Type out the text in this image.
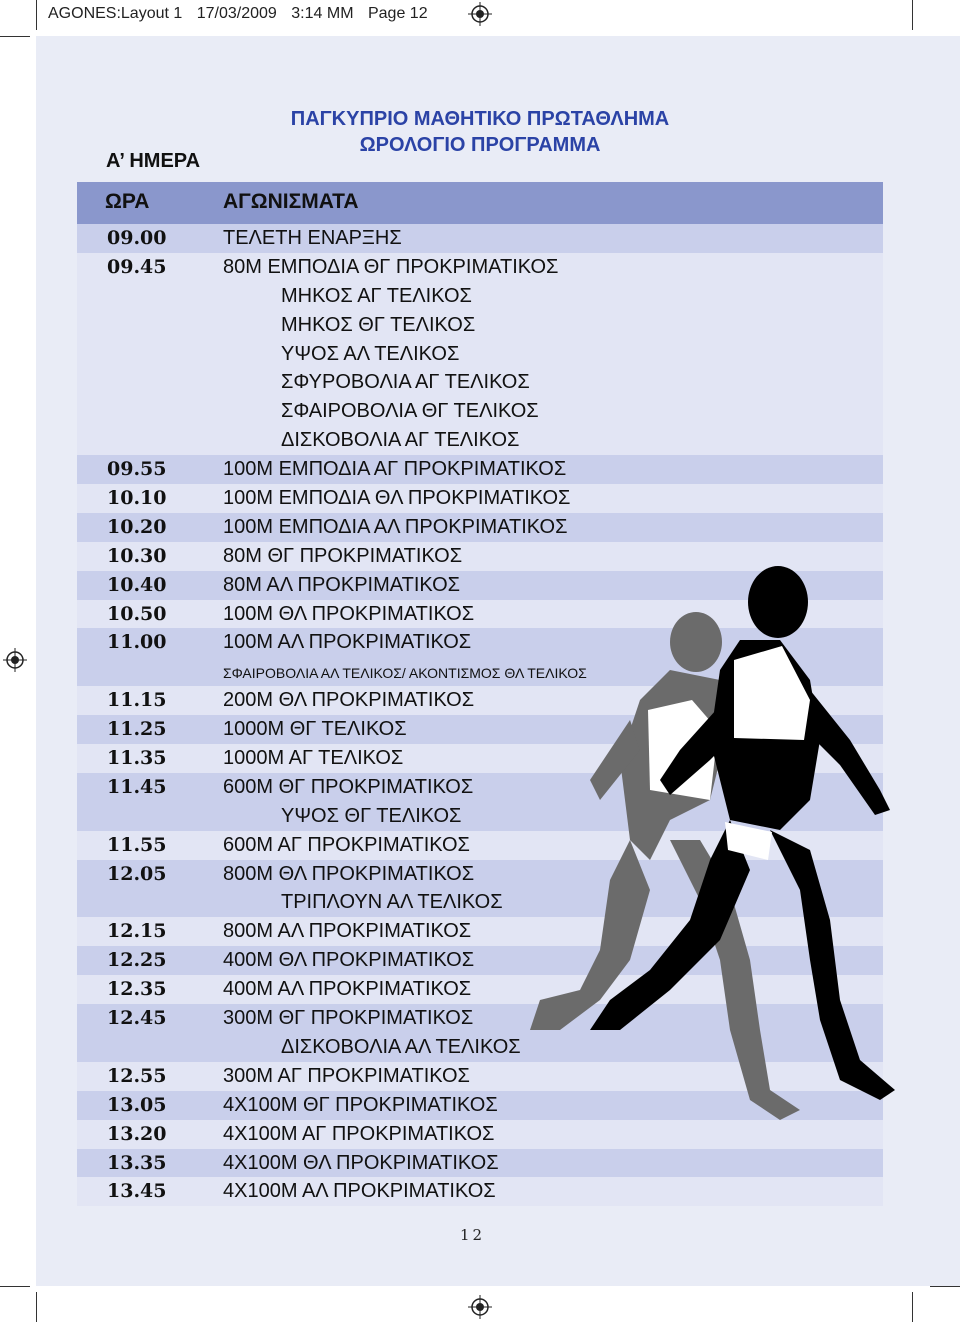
AGONES:Layout 1 17/03/2009 3:14 ΜΜ Page 12
ΠΑΓΚΥΠΡΙΟ ΜΑΘΗΤΙΚΟ ΠΡΩΤΑΘΛΗΜΑ
ΩΡΟΛΟΓΙΟ ΠΡΟΓΡΑΜΜΑ
Α’ ΗΜΕΡΑ
ΩΡΑ	ΑΓΩΝΙΣΜΑΤΑ
09.00	ΤΕΛΕΤΗ ΕΝΑΡΞΗΣ
09.45	80Μ ΕΜΠΟΔΙΑ ΘΓ ΠΡΟΚΡΙΜΑΤΙΚΟΣ
ΜΗΚΟΣ ΑΓ ΤΕΛΙΚΟΣ
ΜΗΚΟΣ ΘΓ ΤΕΛΙΚΟΣ
ΥΨΟΣ ΑΛ ΤΕΛΙΚΟΣ
ΣΦΥΡΟΒΟΛΙΑ ΑΓ ΤΕΛΙΚΟΣ
ΣΦΑΙΡΟΒΟΛΙΑ ΘΓ ΤΕΛΙΚΟΣ
ΔΙΣΚΟΒΟΛΙΑ ΑΓ ΤΕΛΙΚΟΣ
09.55	100Μ ΕΜΠΟΔΙΑ ΑΓ ΠΡΟΚΡΙΜΑΤΙΚΟΣ
10.10	100Μ ΕΜΠΟΔΙΑ ΘΛ ΠΡΟΚΡΙΜΑΤΙΚΟΣ
10.20	100Μ ΕΜΠΟΔΙΑ ΑΛ ΠΡΟΚΡΙΜΑΤΙΚΟΣ
10.30	80Μ ΘΓ ΠΡΟΚΡΙΜΑΤΙΚΟΣ
10.40	80Μ ΑΛ ΠΡΟΚΡΙΜΑΤΙΚΟΣ
10.50	100Μ ΘΛ ΠΡΟΚΡΙΜΑΤΙΚΟΣ
11.00	100Μ ΑΛ ΠΡΟΚΡΙΜΑΤΙΚΟΣ
ΣΦΑΙΡΟΒΟΛΙΑ ΑΛ ΤΕΛΙΚΟΣ/ ΑΚΟΝΤΙΣΜΟΣ ΘΛ ΤΕΛΙΚΟΣ
11.15	200Μ ΘΛ ΠΡΟΚΡΙΜΑΤΙΚΟΣ
11.25	1000Μ ΘΓ ΤΕΛΙΚΟΣ
11.35	1000Μ ΑΓ ΤΕΛΙΚΟΣ
11.45	600Μ ΘΓ ΠΡΟΚΡΙΜΑΤΙΚΟΣ
ΥΨΟΣ ΘΓ ΤΕΛΙΚΟΣ
11.55	600Μ ΑΓ ΠΡΟΚΡΙΜΑΤΙΚΟΣ
12.05	800Μ ΘΛ ΠΡΟΚΡΙΜΑΤΙΚΟΣ
ΤΡΙΠΛΟΥΝ ΑΛ ΤΕΛΙΚΟΣ
12.15	800Μ ΑΛ ΠΡΟΚΡΙΜΑΤΙΚΟΣ
12.25	400Μ ΘΛ ΠΡΟΚΡΙΜΑΤΙΚΟΣ
12.35	400Μ ΑΛ ΠΡΟΚΡΙΜΑΤΙΚΟΣ
12.45	300Μ ΘΓ ΠΡΟΚΡΙΜΑΤΙΚΟΣ
ΔΙΣΚΟΒΟΛΙΑ ΑΛ ΤΕΛΙΚΟΣ
12.55	300Μ ΑΓ ΠΡΟΚΡΙΜΑΤΙΚΟΣ
13.05	4Χ100Μ ΘΓ ΠΡΟΚΡΙΜΑΤΙΚΟΣ
13.20	4Χ100Μ ΑΓ ΠΡΟΚΡΙΜΑΤΙΚΟΣ
13.35	4Χ100Μ ΘΛ ΠΡΟΚΡΙΜΑΤΙΚΟΣ
13.45	4Χ100Μ ΑΛ ΠΡΟΚΡΙΜΑΤΙΚΟΣ
12
